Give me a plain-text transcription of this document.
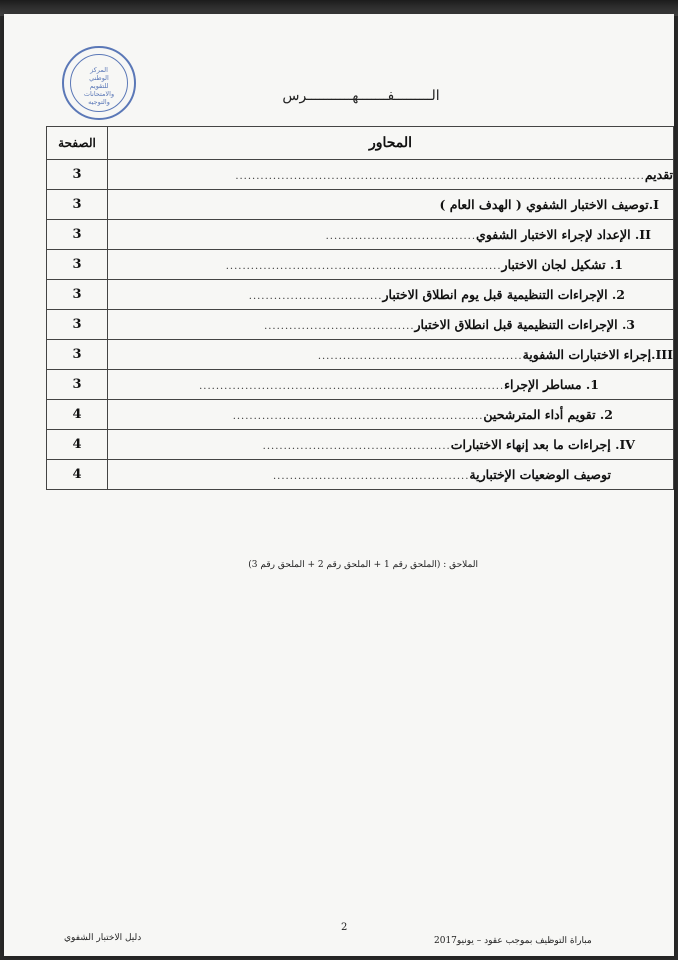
المركز الوطني للتقويم والامتحانات والتوجيه	الـــــــــفـــــــهـــــــــــرس
المحاور	الصفحة
تقديم..................................................................................................	3
I.توصيف الاختبار الشفوي ( الهدف العام )	3
II. الإعداد لإجراء الاختبار الشفوي....................................	3
1. تشكيل لجان الاختبار..................................................................	3
2. الإجراءات التنظيمية قبل يوم انطلاق الاختبار................................	3
3. الإجراءات التنظيمية قبل انطلاق الاختبار....................................	3
III.إجراء الاختبارات الشفوية.................................................	3
1. مساطر الإجراء.........................................................................	3
2. تقويم أداء المترشحين............................................................	4
IV. إجراءات ما بعد إنهاء الاختبارات.............................................	4
توصيف الوضعيات الإختبارية...............................................	4
الملاحق : (الملحق رقم 1 + الملحق رقم 2 + الملحق رقم 3)
2
دليل الاختبار الشفوي	مباراة التوظيف بموجب عقود – يونيو2017
